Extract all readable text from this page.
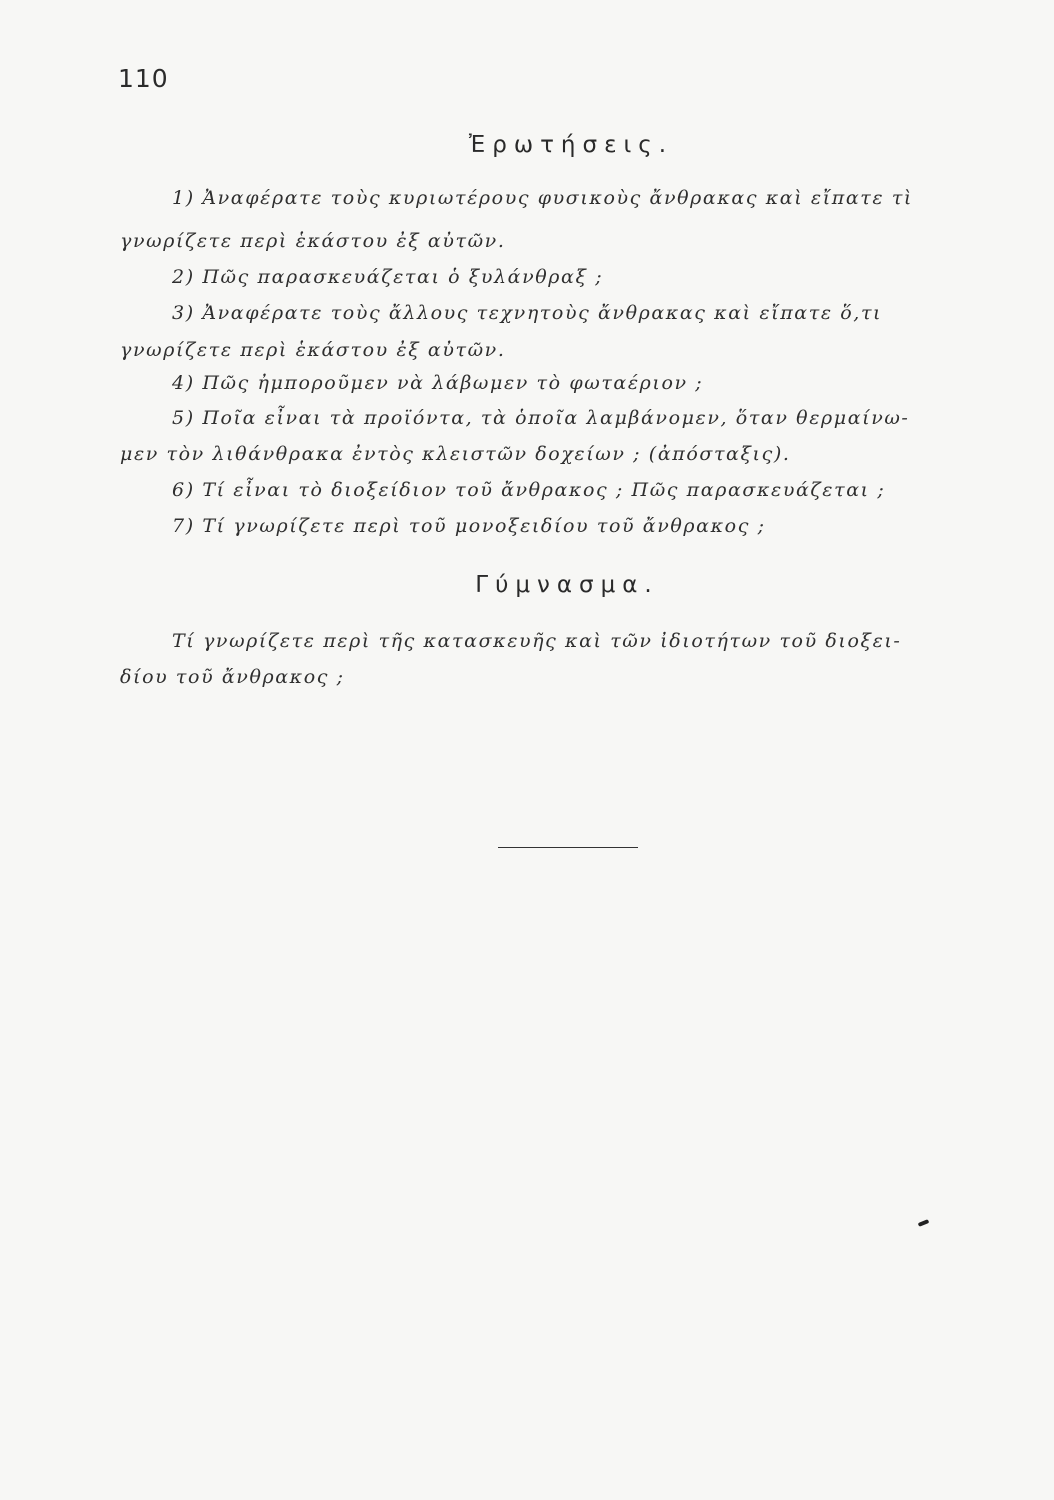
110
Ἐρωτήσεις.
1) Ἀναφέρατε τοὺς κυριωτέρους φυσικοὺς ἄνθρακας καὶ εἴπατε τὶ
γνωρίζετε περὶ ἑκάστου ἐξ αὐτῶν.
2) Πῶς παρασκευάζεται ὁ ξυλάνθραξ ;
3) Ἀναφέρατε τοὺς ἄλλους τεχνητοὺς ἄνθρακας καὶ εἴπατε ὅ,τι
γνωρίζετε περὶ ἑκάστου ἐξ αὐτῶν.
4) Πῶς ἠμποροῦμεν νὰ λάβωμεν τὸ φωταέριον ;
5) Ποῖα εἶναι τὰ προϊόντα, τὰ ὁποῖα λαμβάνομεν, ὅταν θερμαίνω-
μεν τὸν λιθάνθρακα ἐντὸς κλειστῶν δοχείων ; (ἀπόσταξις).
6) Τί εἶναι τὸ διοξείδιον τοῦ ἄνθρακος ; Πῶς παρασκευάζεται ;
7) Τί γνωρίζετε περὶ τοῦ μονοξειδίου τοῦ ἄνθρακος ;
Γύμνασμα.
Τί γνωρίζετε περὶ τῆς κατασκευῆς καὶ τῶν ἰδιοτήτων τοῦ διοξει-
δίου τοῦ ἄνθρακος ;
